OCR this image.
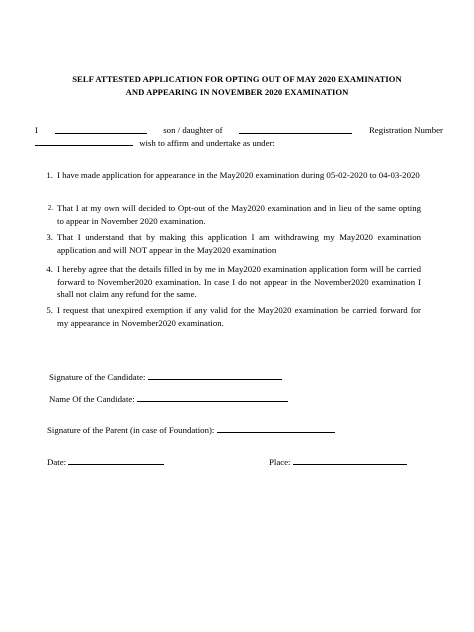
SELF ATTESTED APPLICATION FOR OPTING OUT OF MAY 2020 EXAMINATION
AND APPEARING IN NOVEMBER 2020 EXAMINATION
I	son / daughter of	Registration Number
wish to affirm and undertake as under:
1. I have made application for appearance in the May2020 examination during 05-02-2020 to 04-03-2020
2. That I at my own will decided to Opt-out of the May2020 examination and in lieu of the same opting to appear in November 2020 examination.
3. That I understand that by making this application I am withdrawing my May2020 examination application and will NOT appear in the May2020 examination
4. I hereby agree that the details filled in by me in May2020 examination application form will be carried forward to November2020 examination. In case I do not appear in the November2020 examination I shall not claim any refund for the same.
5. I request that unexpired exemption if any valid for the May2020 examination be carried forward for my appearance in November2020 examination.
Signature of the Candidate:
Name Of the Candidate:
Signature of the Parent (in case of Foundation):
Date:	Place:
